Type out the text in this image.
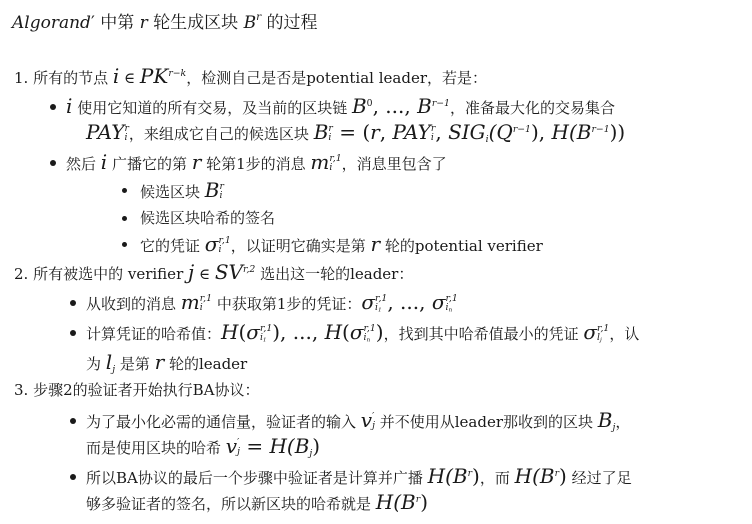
Algorand′ 中第 r 轮生成区块 $B^r$ 的过程
1. 所有的节点 i ∈ $PK^{r-k}$，检测自己是否是potential leader，若是：
i 使用它知道的所有交易，及当前的区块链 $B^0$, ..., $B^{r-1}$，准备最大化的交易集合
PAY r
i ，来组成它自己的候选区块 B r
i = (r, PAY r
i , $SIG_i(Q^{r-1})$, $H(B^{r-1})$)
然后 i 广播它的第 r 轮第1步的消息 m r,1
i ，消息里包含了
候选区块 B r
i
候选区块哈希的签名
它的凭证 σ r,1
i ，以证明它确实是第 r 轮的potential verifier
2. 所有被选中的 verifier j ∈ SV$^{r,2}$ 选出这一轮的leader：
从收到的消息 m r,1
i 中获取第1步的凭证：σ r,1
$i_1$ , ..., σ r,1
$i_n$
计算凭证的哈希值：H(σ r,1
$i_1$ ), ..., H(σ r,1
$i_n$ )，找到其中哈希值最小的凭证 σ r,1
$l_j$ ，认
为 $l_j$ 是第 r 轮的leader
3. 步骤2的验证者开始执行BA协议：
为了最小化必需的通信量，验证者的输入 v ′
j 并不使用从leader那收到的区块 $B_j$，
而是使用区块的哈希 v ′
$j = H(B_j)$
所以BA协议的最后一个步骤中验证者是计算并广播 $H(B^r)$，而 $H(B^r)$ 经过了足
够多验证者的签名，所以新区块的哈希就是 $H(B^r)$
